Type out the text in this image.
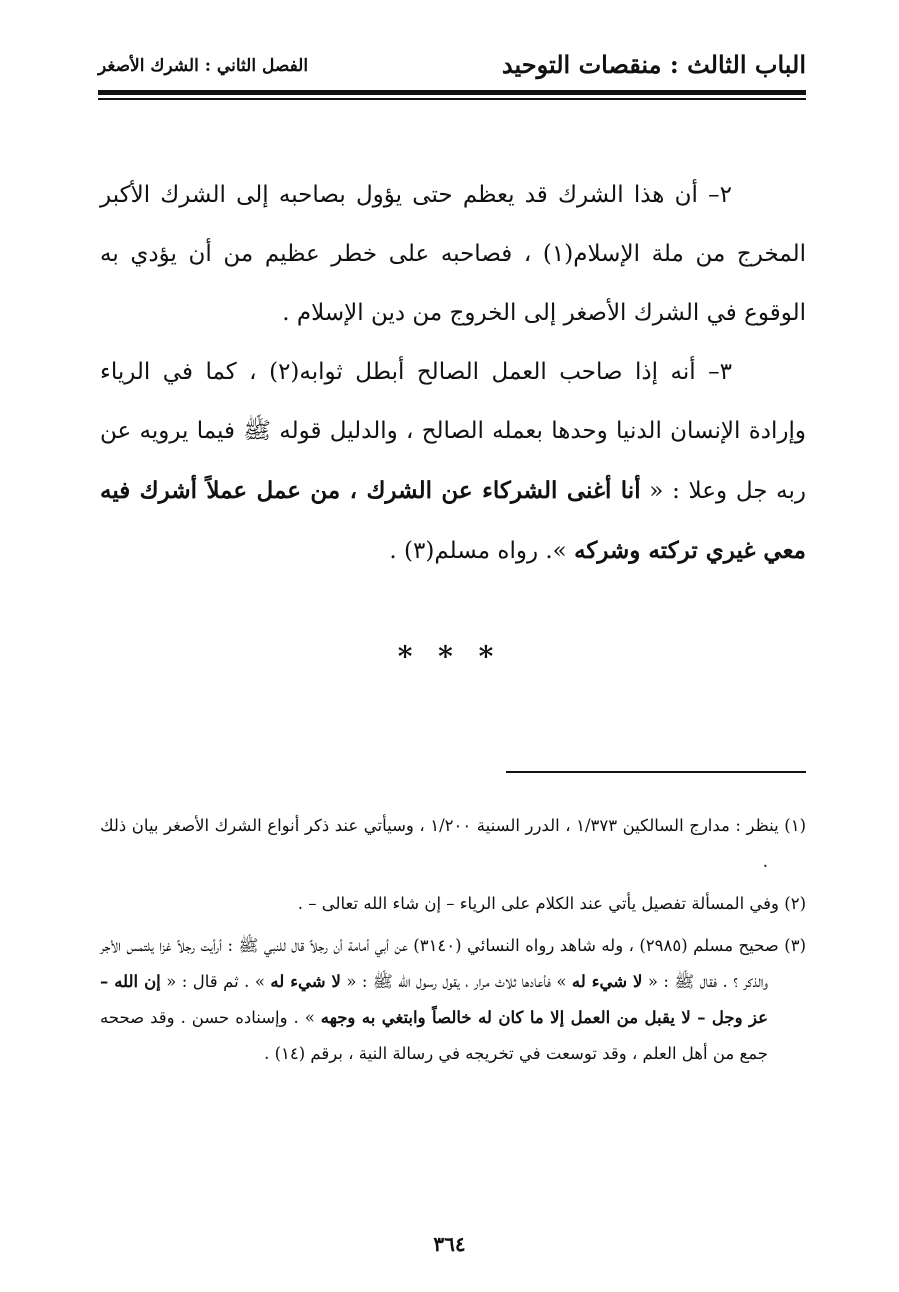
الباب الثالث : منقصات التوحيد
الفصل الثاني : الشرك الأصغر

٢– أن هذا الشرك قد يعظم حتى يؤول بصاحبه إلى الشرك الأكبر المخرج من ملة الإسلام(١) ، فصاحبه على خطر عظيم من أن يؤدي به الوقوع في الشرك الأصغر إلى الخروج من دين الإسلام .

٣– أنه إذا صاحب العمل الصالح أبطل ثوابه(٢) ، كما في الرياء وإرادة الإنسان الدنيا وحدها بعمله الصالح ، والدليل قوله ﷺ فيما يرويه عن ربه جل وعلا : « أنا أغنى الشركاء عن الشرك ، من عمل عملاً أشرك فيه معي غيري تركته وشركه ». رواه مسلم(٣) .

* * *

(١) ينظر : مدارج السالكين ١/٣٧٣ ، الدرر السنية ١/٢٠٠ ، وسيأتي عند ذكر أنواع الشرك الأصغر بيان ذلك .

(٢) وفي المسألة تفصيل يأتي عند الكلام على الرياء – إن شاء الله تعالى – .

(٣) صحيح مسلم (٢٩٨٥) ، وله شاهد رواه النسائي (٣١٤٠) عن أبي أمامة أن رجلاً قال للنبي ﷺ : أرأيت رجلاً غزا يلتمس الأجر والذكر ؟ . فقال ﷺ : « لا شيء له » فأعادها ثلاث مرار ، يقول رسول الله ﷺ : « لا شيء له » . ثم قال : « إن الله – عز وجل – لا يقبل من العمل إلا ما كان له خالصاً وابتغي به وجهه » . وإسناده حسن . وقد صححه جمع من أهل العلم ، وقد توسعت في تخريجه في رسالة النية ، برقم (١٤) .

٣٦٤
